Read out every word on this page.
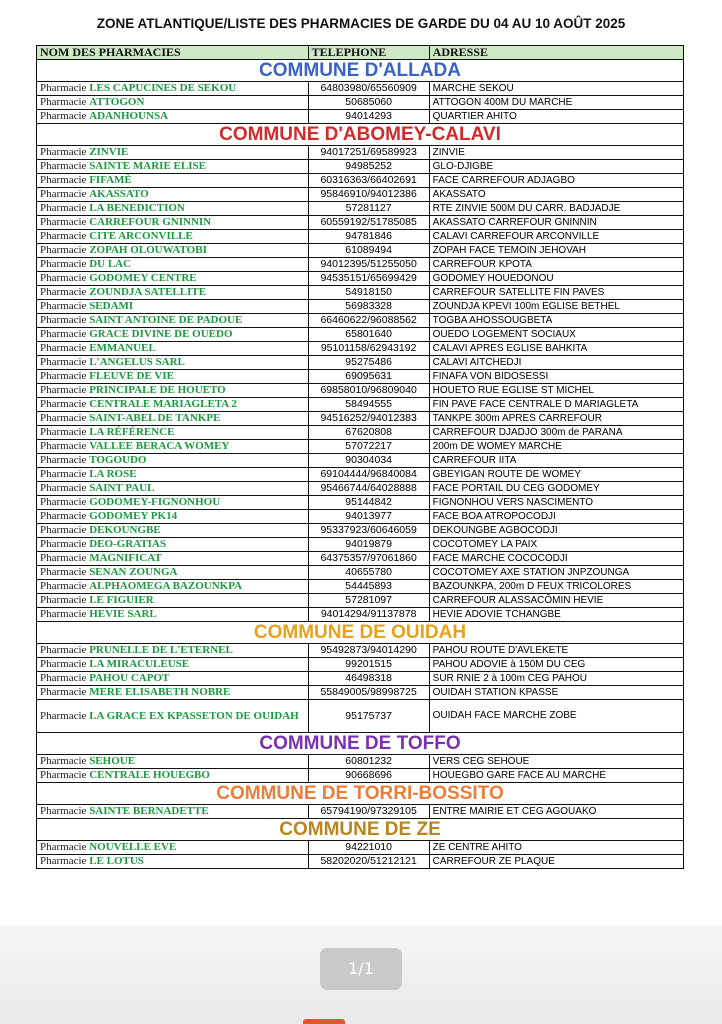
ZONE ATLANTIQUE/LISTE DES PHARMACIES DE GARDE DU 04 AU 10 AOÛT 2025
NOM DES PHARMACIES	TELEPHONE	ADRESSE
COMMUNE D'ALLADA		
Pharmacie LES CAPUCINES DE SEKOU	64803980/65560909	MARCHE SEKOU
Pharmacie ATTOGON	50685060	ATTOGON 400M DU MARCHE
Pharmacie ADANHOUNSA	94014293	QUARTIER AHITO
COMMUNE D'ABOMEY-CALAVI		
Pharmacie ZINVIE	94017251/69589923	ZINVIE
Pharmacie SAINTE MARIE ELISE	94985252	GLO-DJIGBE
Pharmacie FIFAMÈ	60316363/66402691	FACE CARREFOUR ADJAGBO
Pharmacie AKASSATO	95846910/94012386	AKASSATO
Pharmacie LA BENEDICTION	57281127	RTE ZINVIE 500M DU CARR. BADJADJE
Pharmacie CARREFOUR GNINNIN	60559192/51785085	AKASSATO CARREFOUR GNINNIN
Pharmacie CITE ARCONVILLE	94781846	CALAVI CARREFOUR ARCONVILLE
Pharmacie ZOPAH OLOUWATOBI	61089494	ZOPAH FACE TEMOIN JEHOVAH
Pharmacie DU LAC	94012395/51255050	CARREFOUR KPOTA
Pharmacie GODOMEY CENTRE	94535151/65699429	GODOMEY HOUEDONOU
Pharmacie ZOUNDJA SATELLITE	54918150	CARREFOUR SATELLITE FIN PAVES
Pharmacie SEDAMI	56983328	ZOUNDJA KPEVI 100m EGLISE BETHEL
Pharmacie SAINT ANTOINE DE PADOUE	66460622/96088562	TOGBA AHOSSOUGBETA
Pharmacie GRACE DIVINE DE OUEDO	65801640	OUEDO LOGEMENT SOCIAUX
Pharmacie EMMANUEL	95101158/62943192	CALAVI APRES EGLISE BAHKITA
Pharmacie L'ANGELUS SARL	95275486	CALAVI AITCHEDJI
Pharmacie FLEUVE DE VIE	69095631	FINAFA VON BIDOSESSI
Pharmacie PRINCIPALE DE HOUETO	69858010/96809040	HOUETO RUE EGLISE ST MICHEL
Pharmacie CENTRALE MARIAGLETA 2	58494555	FIN PAVE FACE CENTRALE D MARIAGLETA
Pharmacie SAINT-ABEL DE TANKPE	94516252/94012383	TANKPE 300m APRES CARREFOUR
Pharmacie LA RÉFÉRENCE	67620808	CARREFOUR DJADJO 300m de PARANA
Pharmacie VALLEE BERACA WOMEY	57072217	200m DE WOMEY MARCHE
Pharmacie TOGOUDO	90304034	CARREFOUR IITA
Pharmacie LA ROSE	69104444/96840084	GBEYIGAN ROUTE DE WOMEY
Pharmacie SAINT PAUL	95466744/64028888	FACE PORTAIL DU CEG GODOMEY
Pharmacie GODOMEY-FIGNONHOU	95144842	FIGNONHOU VERS NASCIMENTO
Pharmacie GODOMEY PK14	94013977	FACE BOA ATROPOCODJI
Pharmacie DEKOUNGBE	95337923/60646059	DEKOUNGBE AGBOCODJI
Pharmacie DEO-GRATIAS	94019879	COCOTOMEY LA PAIX
Pharmacie MAGNIFICAT	64375357/97061860	FACE MARCHE COCOCODJI
Pharmacie SENAN ZOUNGA	40655780	COCOTOMEY AXE STATION JNPZOUNGA
Pharmacie ALPHAOMEGA BAZOUNKPA	54445893	BAZOUNKPA, 200m D FEUX TRICOLORES
Pharmacie LE FIGUIER	57281097	CARREFOUR ALASSACÔMIN HEVIE
Pharmacie HEVIE SARL	94014294/91137878	HEVIE ADOVIE TCHANGBE
COMMUNE DE OUIDAH		
Pharmacie PRUNELLE DE L'ETERNEL	95492873/94014290	PAHOU ROUTE D'AVLEKETE
Pharmacie LA MIRACULEUSE	99201515	PAHOU ADOVIE à 150M DU CEG
Pharmacie PAHOU CAPOT	46498318	SUR RNIE 2 à 100m CEG PAHOU
Pharmacie MERE ELISABETH NOBRE	55849005/98998725	OUIDAH STATION KPASSE
Pharmacie LA GRACE EX KPASSETON DE OUIDAH	95175737	OUIDAH FACE MARCHE ZOBE
COMMUNE DE TOFFO		
Pharmacie SEHOUE	60801232	VERS CEG SEHOUE
Pharmacie CENTRALE HOUEGBO	90668696	HOUEGBO GARE FACE AU MARCHE
COMMUNE DE TORRI-BOSSITO		
Pharmacie SAINTE BERNADETTE	65794190/97329105	ENTRE MAIRIE ET CEG AGOUAKO
COMMUNE DE ZE		
Pharmacie NOUVELLE EVE	94221010	ZE CENTRE AHITO
Pharmacie LE LOTUS	58202020/51212121	CARREFOUR ZE PLAQUE
1/1
